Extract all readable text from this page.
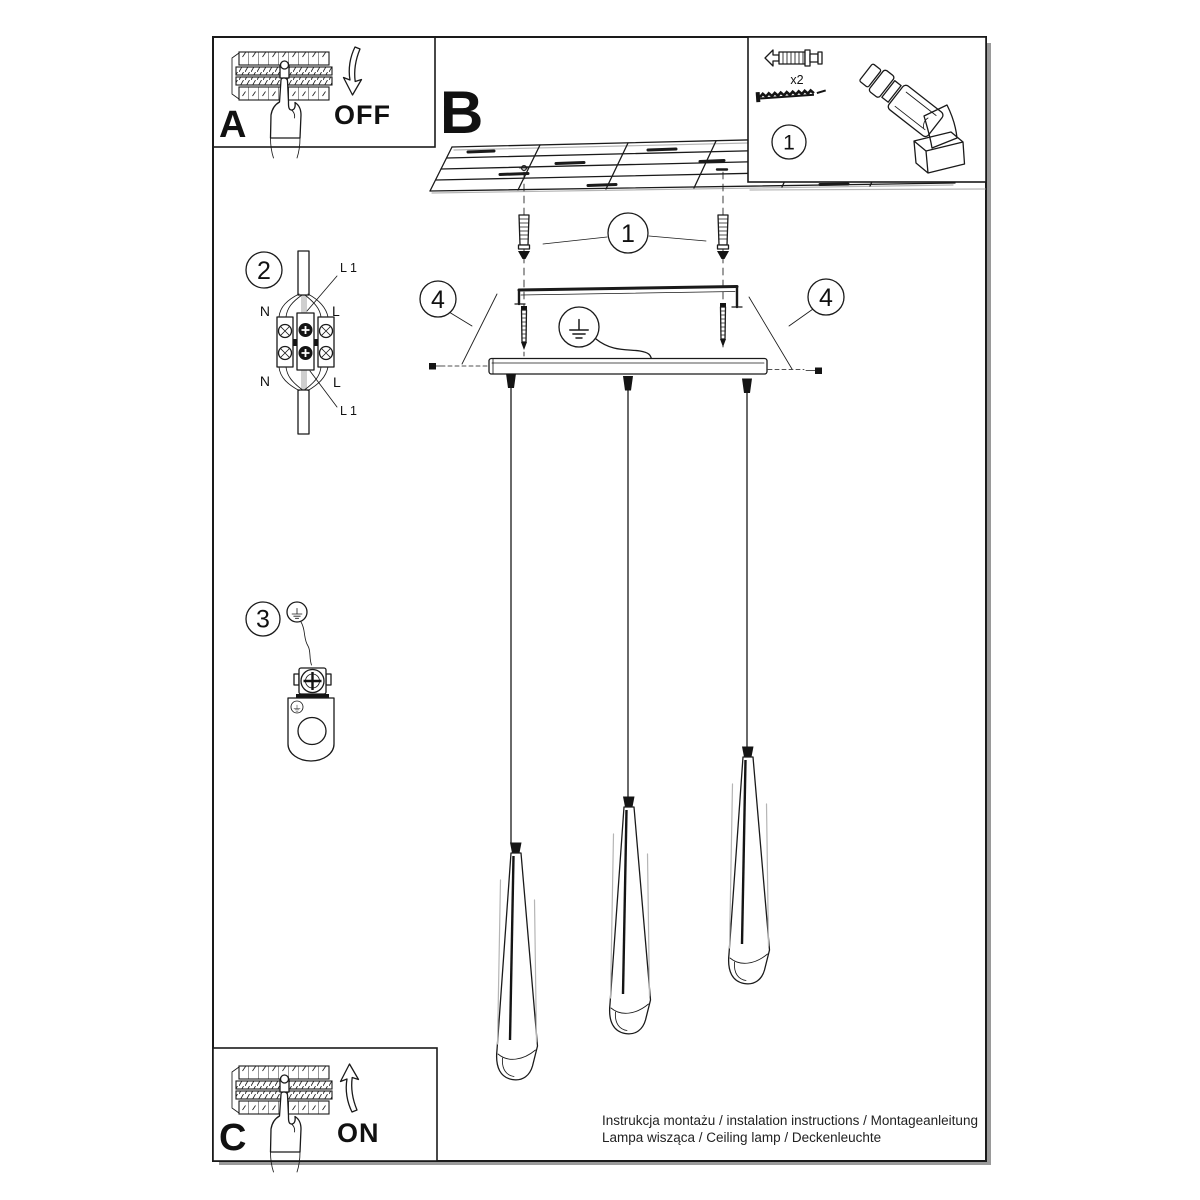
1
4	4
A	OFF B	x2
1
2
N	L
N	L
L 1
L 1
3
C	ON	Instrukcja montażu / instalation instructions / Montageanleitung
Lampa wisząca / Ceiling lamp / Deckenleuchte
